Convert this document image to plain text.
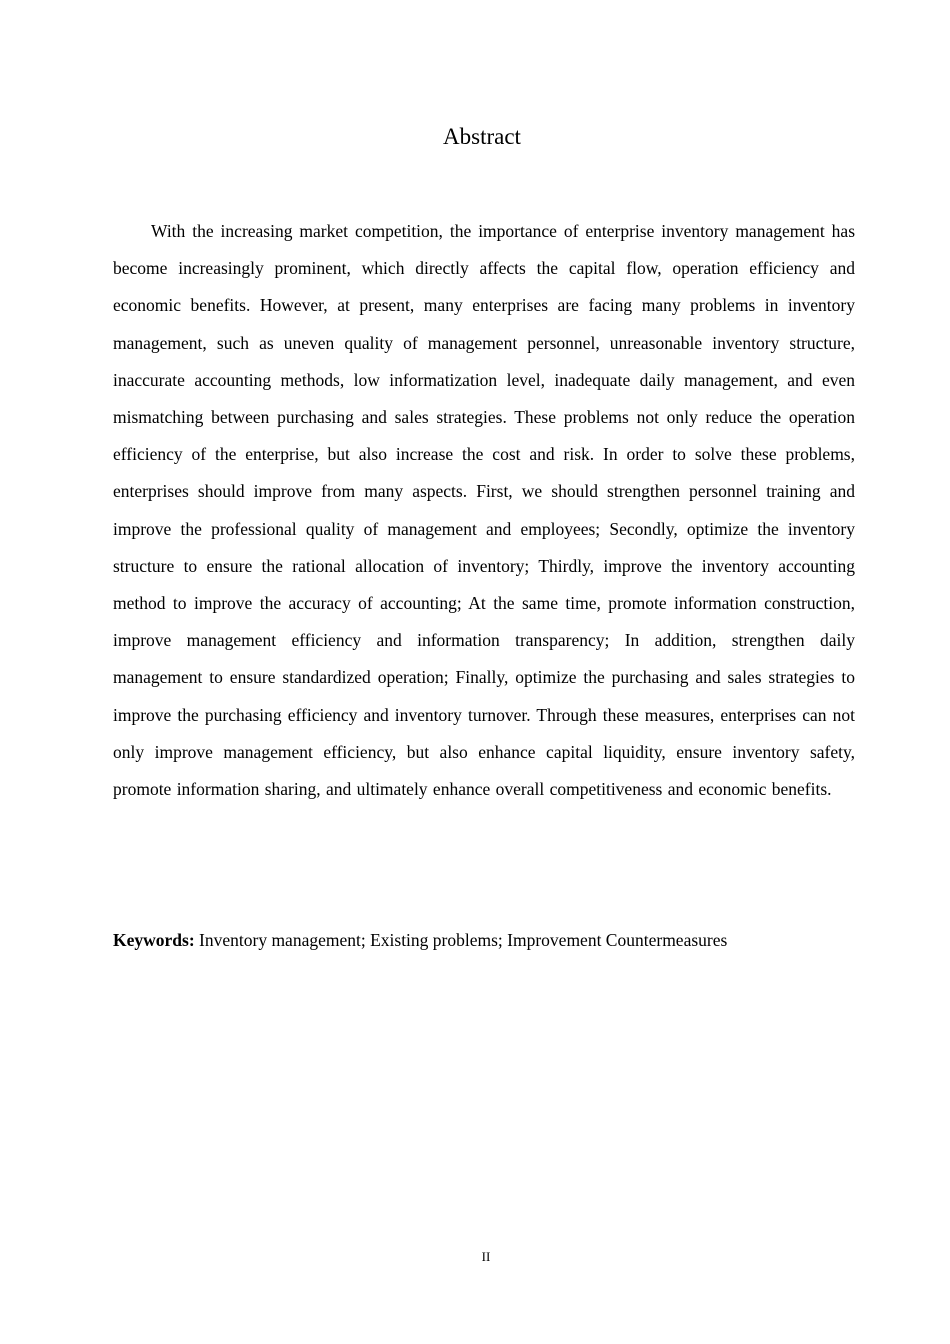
Abstract

With the increasing market competition, the importance of enterprise inventory management has become increasingly prominent, which directly affects the capital flow, operation efficiency and economic benefits. However, at present, many enterprises are facing many problems in inventory management, such as uneven quality of management personnel, unreasonable inventory structure, inaccurate accounting methods, low informatization level, inadequate daily management, and even mismatching between purchasing and sales strategies. These problems not only reduce the operation efficiency of the enterprise, but also increase the cost and risk. In order to solve these problems, enterprises should improve from many aspects. First, we should strengthen personnel training and improve the professional quality of management and employees; Secondly, optimize the inventory structure to ensure the rational allocation of inventory; Thirdly, improve the inventory accounting method to improve the accuracy of accounting; At the same time, promote information construction, improve management efficiency and information transparency; In addition, strengthen daily management to ensure standardized operation; Finally, optimize the purchasing and sales strategies to improve the purchasing efficiency and inventory turnover. Through these measures, enterprises can not only improve management efficiency, but also enhance capital liquidity, ensure inventory safety, promote information sharing, and ultimately enhance overall competitiveness and economic benefits.

Keywords: Inventory management; Existing problems; Improvement Countermeasures

II
